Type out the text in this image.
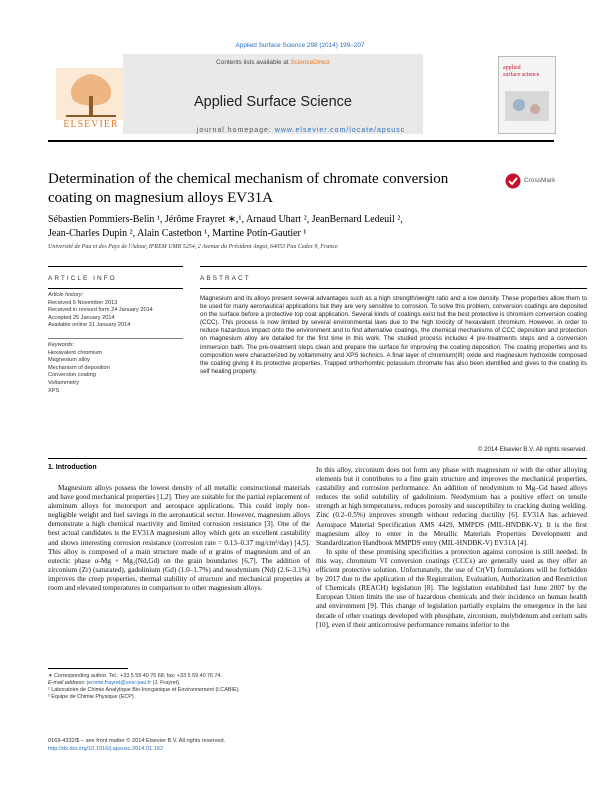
Applied Surface Science 298 (2014) 199–207
ELSEVIER
Contents lists available at ScienceDirect
Applied Surface Science
journal homepage: www.elsevier.com/locate/apsusc
applied
surface science
Determination of the chemical mechanism of chromate conversion coating on magnesium alloys EV31A
CrossMark
Sébastien Pommiers-Belin ¹, Jérôme Frayret ∗,¹, Arnaud Uhart ², JeanBernard Ledeuil ²,
Jean-Charles Dupin ², Alain Castetbon ¹, Martine Potin-Gautier ¹
Université de Pau et des Pays de l'Adour, IPREM UMR 5254, 2 Avenue du Président Angot, 64053 Pau Cedex 9, France
ARTICLE INFO
Article history:
Received 6 November 2013
Received in revised form 24 January 2014
Accepted 25 January 2014
Available online 31 January 2014
Keywords:
Hexavalent chromium
Magnesium alloy
Mechanism of deposition
Conversion coating
Voltammetry
XPS
ABSTRACT
Magnesium and its alloys present several advantages such as a high strength/weight ratio and a low density. These properties allow them to be used for many aeronautical applications but they are very sensitive to corrosion. To solve this problem, conversion coatings are deposited on the surface before a protective top coat application. Several kinds of coatings exist but the best protective is chromium conversion coating (CCC). This process is now limited by several environmental laws due to the high toxicity of hexavalent chromium. However, in order to reduce hazardous impact onto the environment and to find alternative coatings, the chemical mechanisms of CCC deposition and protection on magnesium alloy are detailed for the first time in this work. The studied process includes 4 pre-treatments steps and a conversion immersion bath. The pre-treatment steps clean and prepare the surface for improving the coating deposition. The coating properties and its composition were characterized by voltammetry and XPS technics. A final layer of chromium(III) oxide and magnesium hydroxide composed the coating giving it its protective properties. Trapped orthorhombic potassium chromate has also been identified and gives to the coating its self healing property.
© 2014 Elsevier B.V. All rights reserved.
1. Introduction

Magnesium alloys possess the lowest density of all metallic constructional materials and have good mechanical properties [1,2]. They are suitable for the partial replacement of aluminum alloys for motorsport and aerospace applications. This could imply non-negligible weight and fuel savings in the aeronautical sector. However, magnesium alloys demonstrate a high chemical reactivity and limited corrosion resistance [3]. One of the best actual candidates is the EV31A magnesium alloy which gets an excellent castability and shows interesting corrosion resistance (corrosion rate = 0.13–0.37 mg/cm²/day) [4,5]. This alloy is composed of a main structure made of α grains of magnesium and of an eutectic phase α-Mg + Mg₃(Nd,Gd) on the grain boundaries [6,7]. The addition of zirconium (Zr) (saturated), gadolinium (Gd) (1.0–1.7%) and neodymium (Nd) (2.6–3.1%) improves the creep properties, thermal stability of structure and mechanical properties at room and elevated temperatures in comparison to other magnesium alloys.

In this alloy, zirconium does not form any phase with magnesium or with the other alloying elements but it contributes to a fine grain structure and improves the mechanical properties, castability and corrosion performance. An addition of neodymium to Mg–Gd based alloys reduces the solid solubility of gadolinium. Neodymium has a positive effect on tensile strength at high temperatures, reduces porosity and susceptibility to cracking during welding. Zinc (0.2–0.5%) improves strength without reducing ductility [6]. EV31A has achieved Aerospace Material Specification AMS 4429, MMPDS (MIL-HNDBK-V). It is the first magnesium alloy to enter in the Metallic Materials Properties Development and Standardization Handbook MMPDS entry (MIL-HNDBK-V) EV31A [4].

In spite of these promising specificities a protection against corrosion is still needed. In this way, chromium VI conversion coatings (CCCs) are generally used as they offer an efficient protective solution. Unfortunately, the use of Cr(VI) formulations will be forbidden by 2017 due to the application of the Registration, Evaluation, Authorization and Restriction of Chemicals (REACH) legislation [8]. The legislation established last June 2007 by the European Union limits the use of hazardous chemicals and their incidence on human health and environment [9]. This change of legislation partially explains the emergence in the last decade of other coatings developed with phosphate, zirconium, molybdenum and cerium salts [10], even if their anticorrosive performance remains inferior to the

∗ Corresponding author. Tel.: +33 5 59 40 76 68; fax: +33 5 59 40 76 74.
E-mail address: jerome.frayret@univ-pau.fr (J. Frayret).
¹ Laboratoire de Chimie Analytique Bio-Inorganique et Environnement (LCABIE).
² Equipe de Chimie Physique (ECP).
0169-4332/$ – see front matter © 2014 Elsevier B.V. All rights reserved.
http://dx.doi.org/10.1016/j.apsusc.2014.01.162
